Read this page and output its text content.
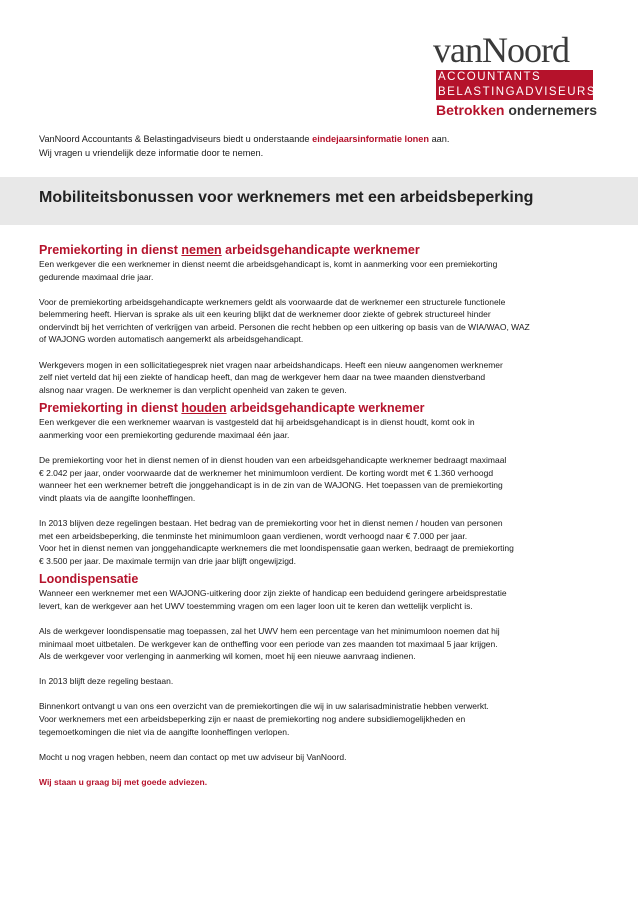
vanNoord
ACCOUNTANTS
BELASTINGADVISEURS
Betrokken ondernemers
VanNoord Accountants & Belastingadviseurs biedt u onderstaande eindejaarsinformatie lonen aan.
Wij vragen u vriendelijk deze informatie door te nemen.
Mobiliteitsbonussen voor werknemers met een arbeidsbeperking
Premiekorting in dienst nemen arbeidsgehandicapte werknemer

Een werkgever die een werknemer in dienst neemt die arbeidsgehandicapt is, komt in aanmerking voor een premiekorting
gedurende maximaal drie jaar.

Voor de premiekorting arbeidsgehandicapte werknemers geldt als voorwaarde dat de werknemer een structurele functionele
belemmering heeft. Hiervan is sprake als uit een keuring blijkt dat de werknemer door ziekte of gebrek structureel hinder
ondervindt bij het verrichten of verkrijgen van arbeid. Personen die recht hebben op een uitkering op basis van de WIA/WAO, WAZ
of WAJONG worden automatisch aangemerkt als arbeidsgehandicapt.

Werkgevers mogen in een sollicitatiegesprek niet vragen naar arbeidshandicaps. Heeft een nieuw aangenomen werknemer
zelf niet verteld dat hij een ziekte of handicap heeft, dan mag de werkgever hem daar na twee maanden dienstverband
alsnog naar vragen. De werknemer is dan verplicht openheid van zaken te geven.

Premiekorting in dienst houden arbeidsgehandicapte werknemer

Een werkgever die een werknemer waarvan is vastgesteld dat hij arbeidsgehandicapt is in dienst houdt, komt ook in
aanmerking voor een premiekorting gedurende maximaal één jaar.

De premiekorting voor het in dienst nemen of in dienst houden van een arbeidsgehandicapte werknemer bedraagt maximaal
€ 2.042 per jaar, onder voorwaarde dat de werknemer het minimumloon verdient. De korting wordt met € 1.360 verhoogd
wanneer het een werknemer betreft die jonggehandicapt is in de zin van de WAJONG. Het toepassen van de premiekorting
vindt plaats via de aangifte loonheffingen.

In 2013 blijven deze regelingen bestaan. Het bedrag van de premiekorting voor het in dienst nemen / houden van personen
met een arbeidsbeperking, die tenminste het minimumloon gaan verdienen, wordt verhoogd naar € 7.000 per jaar.
Voor het in dienst nemen van jonggehandicapte werknemers die met loondispensatie gaan werken, bedraagt de premiekorting
€ 3.500 per jaar. De maximale termijn van drie jaar blijft ongewijzigd.

Loondispensatie

Wanneer een werknemer met een WAJONG-uitkering door zijn ziekte of handicap een beduidend geringere arbeidsprestatie
levert, kan de werkgever aan het UWV toestemming vragen om een lager loon uit te keren dan wettelijk verplicht is.

Als de werkgever loondispensatie mag toepassen, zal het UWV hem een percentage van het minimumloon noemen dat hij
minimaal moet uitbetalen. De werkgever kan de ontheffing voor een periode van zes maanden tot maximaal 5 jaar krijgen.
Als de werkgever voor verlenging in aanmerking wil komen, moet hij een nieuwe aanvraag indienen.

In 2013 blijft deze regeling bestaan.

Binnenkort ontvangt u van ons een overzicht van de premiekortingen die wij in uw salarisadministratie hebben verwerkt.
Voor werknemers met een arbeidsbeperking zijn er naast de premiekorting nog andere subsidiemogelijkheden en
tegemoetkomingen die niet via de aangifte loonheffingen verlopen.

Mocht u nog vragen hebben, neem dan contact op met uw adviseur bij VanNoord.

Wij staan u graag bij met goede adviezen.
